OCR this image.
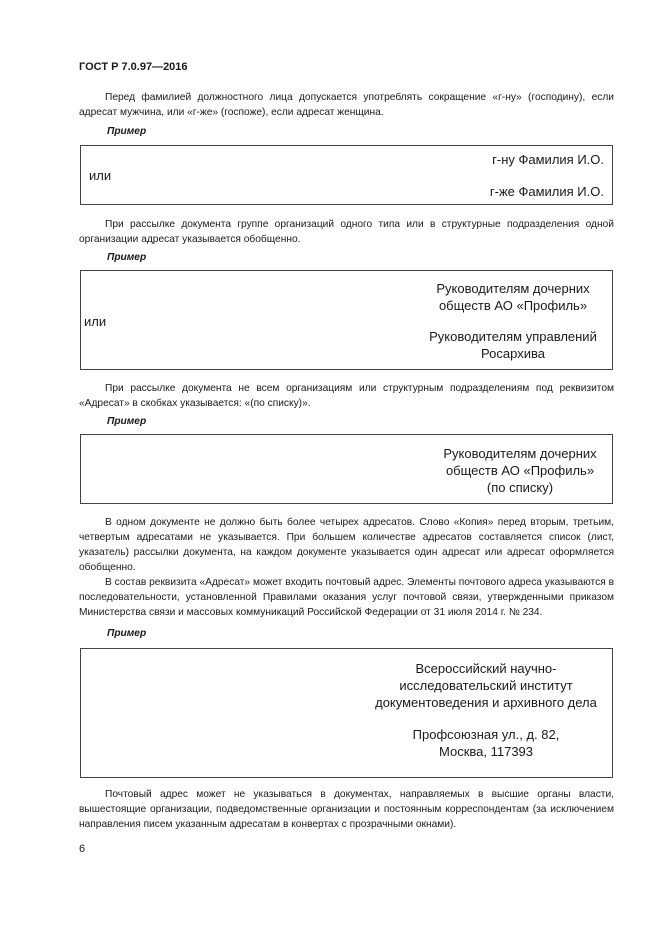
ГОСТ Р 7.0.97—2016

Перед фамилией должностного лица допускается употреблять сокращение «г-ну» (господину), если адресат мужчина, или «г-же» (госпоже), если адресат женщина.

Пример
г-ну Фамилия И.О.
или
г-же Фамилия И.О.

При рассылке документа группе организаций одного типа или в структурные подразделения одной организации адресат указывается обобщенно.

Пример
Руководителям дочерних
обществ АО «Профиль»
или
Руководителям управлений
Росархива

При рассылке документа не всем организациям или структурным подразделениям под реквизитом «Адресат» в скобках указывается: «(по списку)».

Пример
Руководителям дочерних
обществ АО «Профиль»
(по списку)

В одном документе не должно быть более четырех адресатов. Слово «Копия» перед вторым, третьим, четвертым адресатами не указывается. При большем количестве адресатов составляется список (лист, указатель) рассылки документа, на каждом документе указывается один адресат или адресат оформляется обобщенно.

В состав реквизита «Адресат» может входить почтовый адрес. Элементы почтового адреса указываются в последовательности, установленной Правилами оказания услуг почтовой связи, утвержденными приказом Министерства связи и массовых коммуникаций Российской Федерации от 31 июля 2014 г. № 234.

Пример
Всероссийский научно-
исследовательский институт
документоведения и архивного дела
Профсоюзная ул., д. 82,
Москва, 117393

Почтовый адрес может не указываться в документах, направляемых в высшие органы власти, вышестоящие организации, подведомственные организации и постоянным корреспондентам (за исключением направления писем указанным адресатам в конвертах с прозрачными окнами).

6
